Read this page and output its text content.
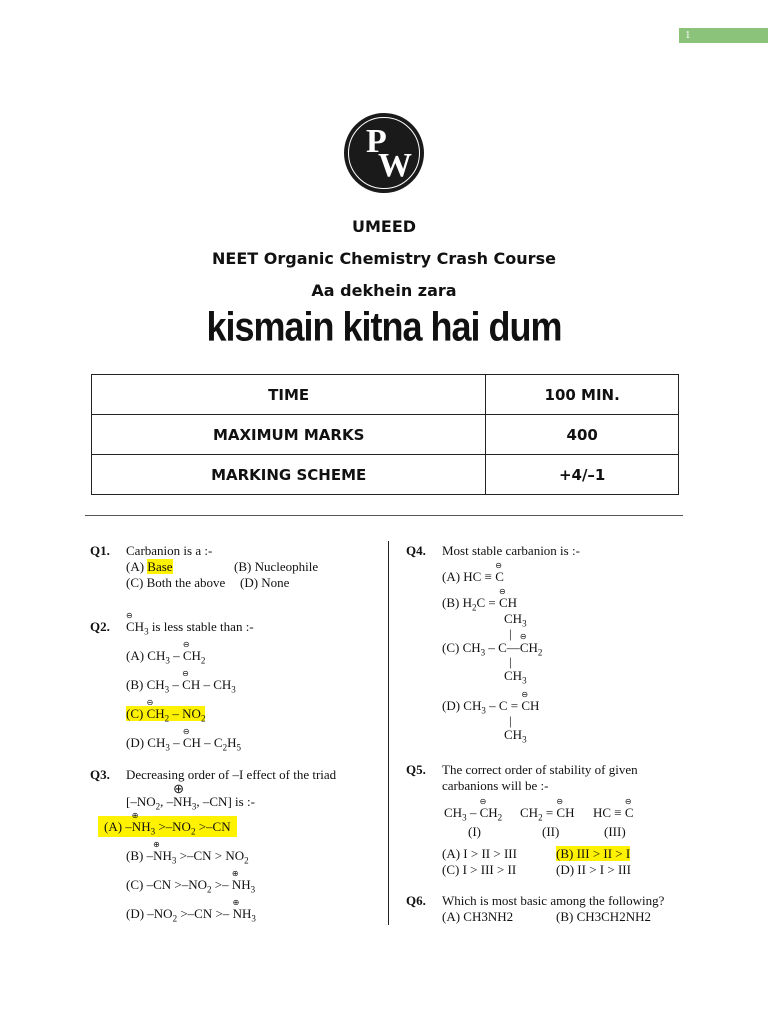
1
P
W
UMEED
NEET Organic Chemistry Crash Course
Aa dekhein zara
kismain kitna hai dum
TIME	100 MIN.
MAXIMUM MARKS	400
MARKING SCHEME	+4/–1
Q1. Carbanion is a :-
(A) Base	(B) Nucleophile
(C) Both the above (D) None
Q2. ⊖ $CH_3$ is less stable than :-
(A) $CH_3$ – ⊖ $CH_2$
(B) $CH_3$ – ⊖ CH – $CH_3$
(C) ⊖ $CH_2 - NO_2$
(D) $CH_3$ – ⊖ CH – $C_2H_5$
Q3. Decreasing order of –I effect of the triad
[$-NO_2$, –⊕ $NH_3$, –CN] is :-
(A) –⊕ $NH_3 >-NO_2 >-CN$
(B) –⊕ $NH_3 >-CN > NO_2$
(C) $-CN >-NO_2$ >– ⊕ $NH_3$
(D) $-NO_2 >-CN$ >– ⊕ $NH_3$
Q4. Most stable carbanion is :-
(A) HC ≡ ⊖ C
(B) $H_2C$ = ⊖ CH
$CH_3$
|
(C) $CH_3$ – C—⊖ $CH_2$
|
$CH_3$
(D) $CH_3$ – C = ⊖ CH
|
$CH_3$
Q5. The correct order of stability of given
carbanions will be :-
$CH_3$ – ⊖ $CH_2$ $CH_2$ = ⊖ CH HC ≡ ⊖ C
(I)	(II)	(III)
(A) I > II > III	(B) III > II > I
(C) I > III > II	(D) II > I > III
Q6. Which is most basic among the following?
(A) CH3NH2	(B) CH3CH2NH2
